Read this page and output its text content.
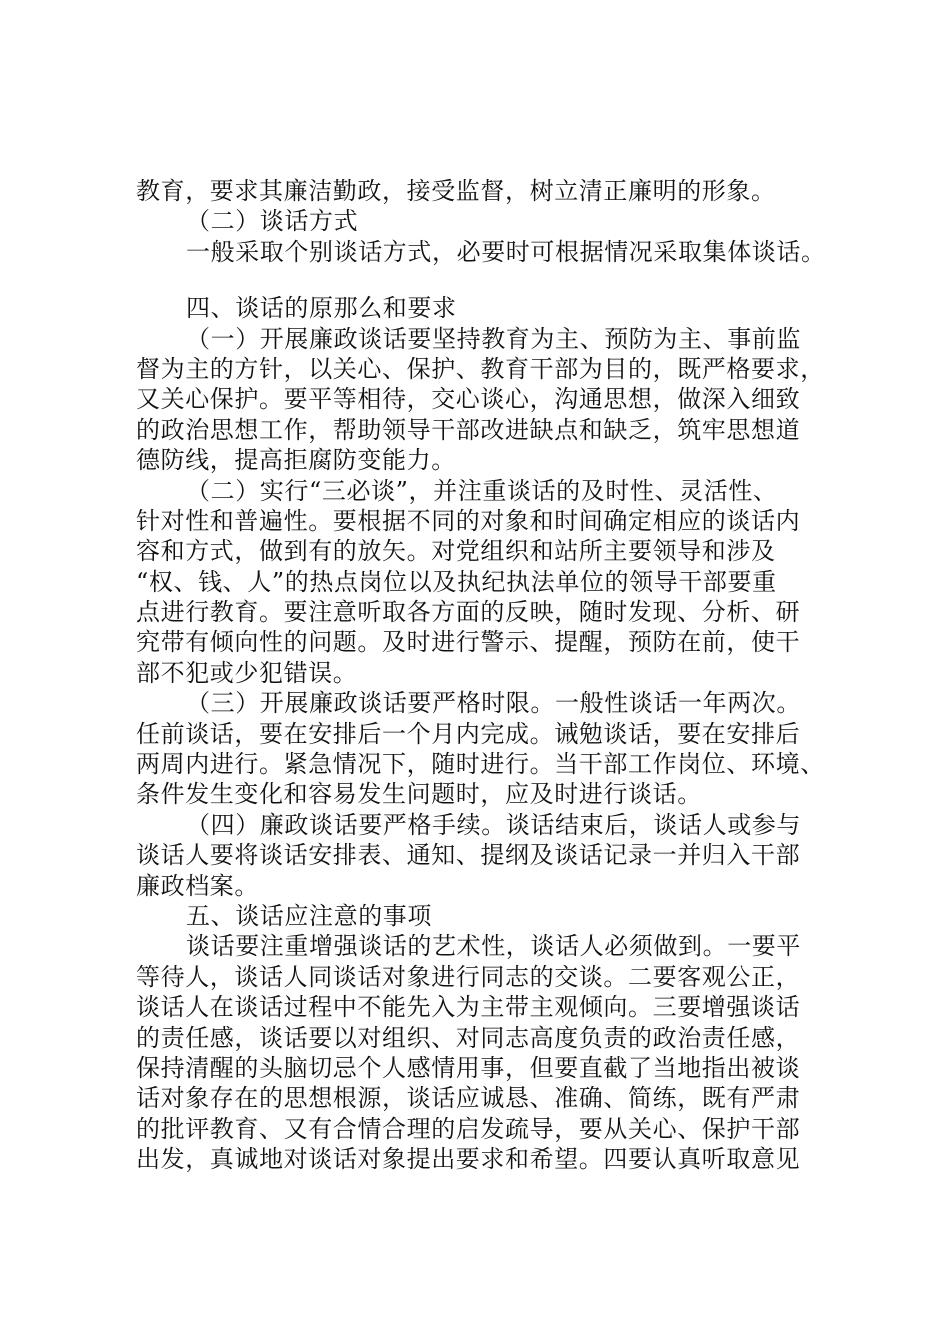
教育，要求其廉洁勤政，接受监督，树立清正廉明的形象。
（二）谈话方式
一般采取个别谈话方式，必要时可根据情况采取集体谈话。
四、谈话的原那么和要求
（一）开展廉政谈话要坚持教育为主、预防为主、事前监
督为主的方针，以关心、保护、教育干部为目的，既严格要求，
又关心保护。要平等相待，交心谈心，沟通思想，做深入细致
的政治思想工作，帮助领导干部改进缺点和缺乏，筑牢思想道
德防线，提高拒腐防变能力。
（二）实行“三必谈”，并注重谈话的及时性、灵活性、
针对性和普遍性。要根据不同的对象和时间确定相应的谈话内
容和方式，做到有的放矢。对党组织和站所主要领导和涉及
“权、钱、人”的热点岗位以及执纪执法单位的领导干部要重
点进行教育。要注意听取各方面的反映，随时发现、分析、研
究带有倾向性的问题。及时进行警示、提醒，预防在前，使干
部不犯或少犯错误。
（三）开展廉政谈话要严格时限。一般性谈话一年两次。
任前谈话，要在安排后一个月内完成。诫勉谈话，要在安排后
两周内进行。紧急情况下，随时进行。当干部工作岗位、环境、
条件发生变化和容易发生问题时，应及时进行谈话。
（四）廉政谈话要严格手续。谈话结束后，谈话人或参与
谈话人要将谈话安排表、通知、提纲及谈话记录一并归入干部
廉政档案。
五、谈话应注意的事项
谈话要注重增强谈话的艺术性，谈话人必须做到。一要平
等待人，谈话人同谈话对象进行同志的交谈。二要客观公正，
谈话人在谈话过程中不能先入为主带主观倾向。三要增强谈话
的责任感，谈话要以对组织、对同志高度负责的政治责任感，
保持清醒的头脑切忌个人感情用事，但要直截了当地指出被谈
话对象存在的思想根源，谈话应诚恳、准确、简练，既有严肃
的批评教育、又有合情合理的启发疏导，要从关心、保护干部
出发，真诚地对谈话对象提出要求和希望。四要认真听取意见
